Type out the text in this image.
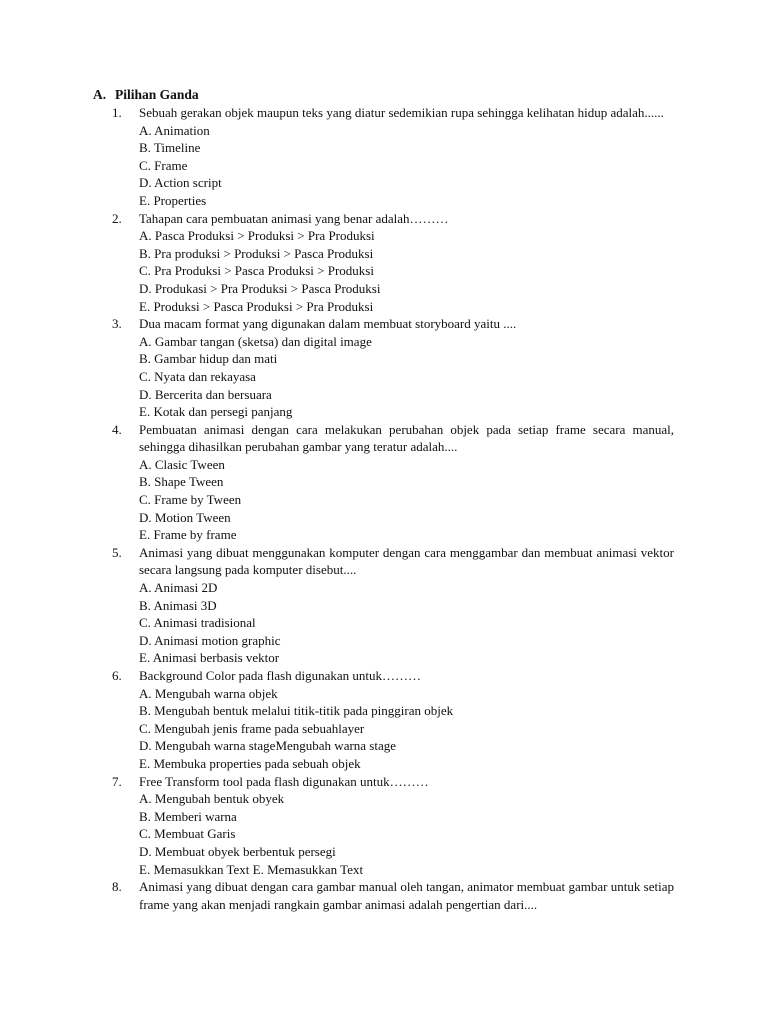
A. Pilihan Ganda
1.	Sebuah gerakan objek maupun teks yang diatur sedemikian rupa sehingga kelihatan hidup adalah......
A. Animation
B. Timeline
C. Frame
D. Action script
E. Properties
2.	Tahapan cara pembuatan animasi yang benar adalah………
A. Pasca Produksi > Produksi > Pra Produksi
B. Pra produksi > Produksi > Pasca Produksi
C. Pra Produksi > Pasca Produksi > Produksi
D. Produkasi > Pra Produksi > Pasca Produksi
E. Produksi > Pasca Produksi > Pra Produksi
3.	Dua macam format yang digunakan dalam membuat storyboard yaitu ....
A. Gambar tangan (sketsa) dan digital image
B. Gambar hidup dan mati
C. Nyata dan rekayasa
D. Bercerita dan bersuara
E. Kotak dan persegi panjang
4.	Pembuatan animasi dengan cara melakukan perubahan objek pada setiap frame secara manual, sehingga dihasilkan perubahan gambar yang teratur adalah....
A. Clasic Tween
B. Shape Tween
C. Frame by Tween
D. Motion Tween
E. Frame by frame
5.	Animasi yang dibuat menggunakan komputer dengan cara menggambar dan membuat animasi vektor secara langsung pada komputer disebut....
A. Animasi 2D
B. Animasi 3D
C. Animasi tradisional
D. Animasi motion graphic
E. Animasi berbasis vektor
6.	Background Color pada flash digunakan untuk………
A. Mengubah warna objek
B. Mengubah bentuk melalui titik-titik pada pinggiran objek
C. Mengubah jenis frame pada sebuahlayer
D. Mengubah warna stageMengubah warna stage
E. Membuka properties pada sebuah objek
7.	Free Transform tool pada flash digunakan untuk………
A. Mengubah bentuk obyek
B. Memberi warna
C. Membuat Garis
D. Membuat obyek berbentuk persegi
E. Memasukkan Text E. Memasukkan Text
8.	Animasi yang dibuat dengan cara gambar manual oleh tangan, animator membuat gambar untuk setiap frame yang akan menjadi rangkain gambar animasi adalah pengertian dari....
